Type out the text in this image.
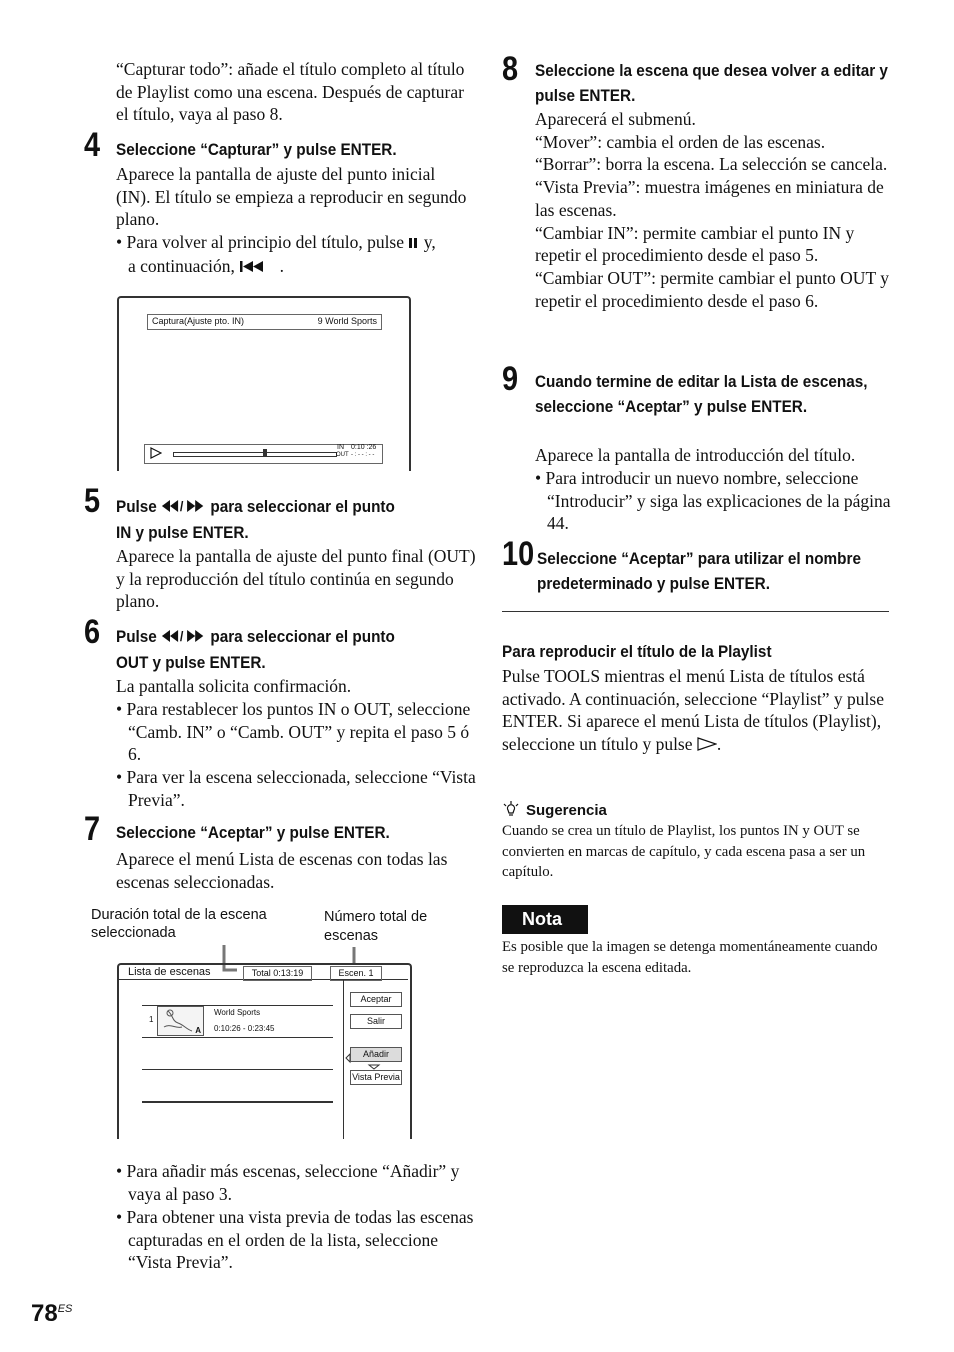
“Capturar todo”: añade el título completo al título de Playlist como una escena. Después de capturar el título, vaya al paso 8.
4 Seleccione “Capturar” y pulse ENTER.
Aparece la pantalla de ajuste del punto inicial (IN). El título se empieza a reproducir en segundo plano.
• Para volver al principio del título, pulse y,
a continuación,  .
Captura(Ajuste pto. IN)	9 World Sports
IN 0:10 :26
OUT - : - - : - -
5 Pulse / para seleccionar el punto
IN y pulse ENTER.
Aparece la pantalla de ajuste del punto final (OUT) y la reproducción del título continúa en segundo plano.
6 Pulse / para seleccionar el punto
OUT y pulse ENTER.
La pantalla solicita confirmación.
• Para restablecer los puntos IN o OUT, seleccione “Camb. IN” o “Camb. OUT” y repita el paso 5 ó 6.
• Para ver la escena seleccionada, seleccione “Vista Previa”.
7 Seleccione “Aceptar” y pulse ENTER.
Aparece el menú Lista de escenas con todas las escenas seleccionadas.
Duración total de la escena seleccionada
Número total de escenas
Lista de escenas	Total 0:13:19	Escen. 1
1
A
World Sports
0:10:26 - 0:23:45
Aceptar
Salir
Añadir
Vista Previa
• Para añadir más escenas, seleccione “Añadir” y vaya al paso 3.
• Para obtener una vista previa de todas las escenas capturadas en el orden de la lista, seleccione “Vista Previa”.
$78^{ES}$
8 Seleccione la escena que desea volver a editar y pulse ENTER.
Aparecerá el submenú.
“Mover”: cambia el orden de las escenas.
“Borrar”: borra la escena. La selección se cancela.
“Vista Previa”: muestra imágenes en miniatura de las escenas.
“Cambiar IN”: permite cambiar el punto IN y repetir el procedimiento desde el paso 5.
“Cambiar OUT”: permite cambiar el punto OUT y repetir el procedimiento desde el paso 6.
9 Cuando termine de editar la Lista de escenas, seleccione “Aceptar” y pulse ENTER.
Aparece la pantalla de introducción del título.
• Para introducir un nuevo nombre, seleccione “Introducir” y siga las explicaciones de la página 44.
10 Seleccione “Aceptar” para utilizar el nombre predeterminado y pulse ENTER.
Para reproducir el título de la Playlist
Pulse TOOLS mientras el menú Lista de títulos está activado. A continuación, seleccione “Playlist” y pulse ENTER. Si aparece el menú Lista de títulos (Playlist), seleccione un título y pulse .
Sugerencia
Cuando se crea un título de Playlist, los puntos IN y OUT se convierten en marcas de capítulo, y cada escena pasa a ser un capítulo.
Nota
Es posible que la imagen se detenga momentáneamente cuando se reproduzca la escena editada.
